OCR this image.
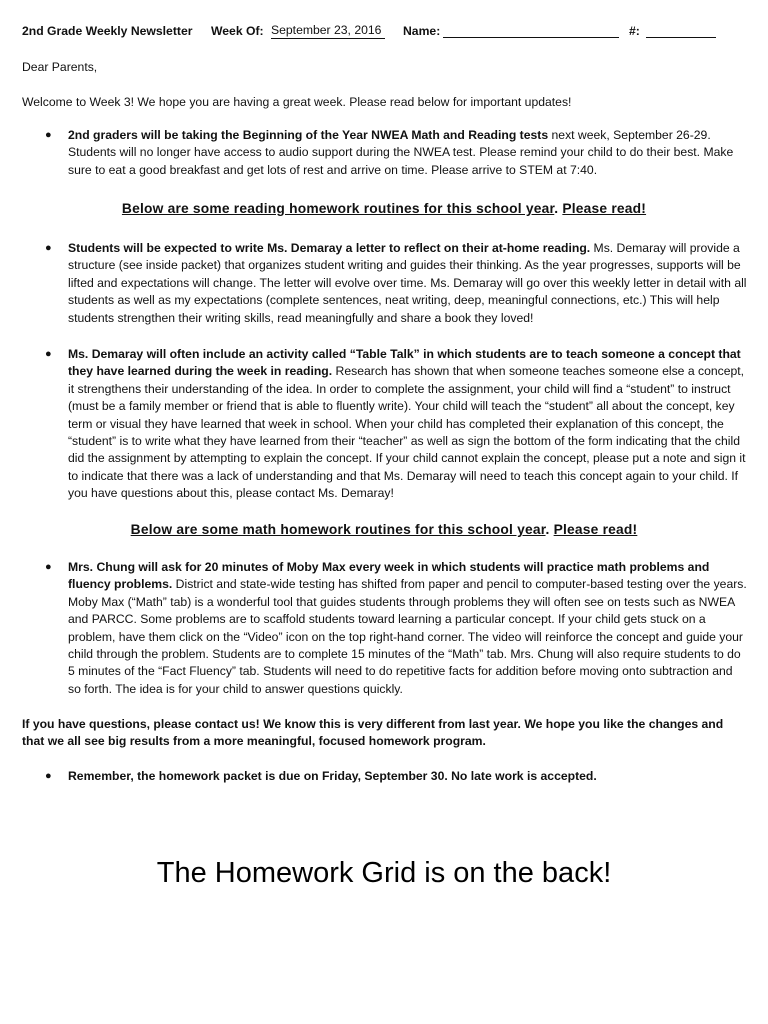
2nd Grade Weekly Newsletter Week Of: September 23, 2016	Name:	#:

Dear Parents,

Welcome to Week 3! We hope you are having a great week. Please read below for important updates!

● 2nd graders will be taking the Beginning of the Year NWEA Math and Reading tests next week, September 26-29. Students will no longer have access to audio support during the NWEA test. Please remind your child to do their best. Make sure to eat a good breakfast and get lots of rest and arrive on time. Please arrive to STEM at 7:40.
Below are some reading homework routines for this school year. Please read!
● Students will be expected to write Ms. Demaray a letter to reflect on their at-home reading. Ms. Demaray will provide a structure (see inside packet) that organizes student writing and guides their thinking. As the year progresses, supports will be lifted and expectations will change. The letter will evolve over time. Ms. Demaray will go over this weekly letter in detail with all students as well as my expectations (complete sentences, neat writing, deep, meaningful connections, etc.) This will help students strengthen their writing skills, read meaningfully and share a book they loved!
● Ms. Demaray will often include an activity called “Table Talk” in which students are to teach someone a concept that they have learned during the week in reading. Research has shown that when someone teaches someone else a concept, it strengthens their understanding of the idea. In order to complete the assignment, your child will find a “student” to instruct (must be a family member or friend that is able to fluently write). Your child will teach the “student” all about the concept, key term or visual they have learned that week in school. When your child has completed their explanation of this concept, the “student” is to write what they have learned from their “teacher” as well as sign the bottom of the form indicating that the child did the assignment by attempting to explain the concept. If your child cannot explain the concept, please put a note and sign it to indicate that there was a lack of understanding and that Ms. Demaray will need to teach this concept again to your child. If you have questions about this, please contact Ms. Demaray!
Below are some math homework routines for this school year. Please read!
● Mrs. Chung will ask for 20 minutes of Moby Max every week in which students will practice math problems and fluency problems. District and state-wide testing has shifted from paper and pencil to computer-based testing over the years. Moby Max (“Math” tab) is a wonderful tool that guides students through problems they will often see on tests such as NWEA and PARCC. Some problems are to scaffold students toward learning a particular concept. If your child gets stuck on a problem, have them click on the “Video” icon on the top right-hand corner. The video will reinforce the concept and guide your child through the problem. Students are to complete 15 minutes of the “Math” tab. Mrs. Chung will also require students to do 5 minutes of the “Fact Fluency” tab. Students will need to do repetitive facts for addition before moving onto subtraction and so forth. The idea is for your child to answer questions quickly.

If you have questions, please contact us! We know this is very different from last year. We hope you like the changes and that we all see big results from a more meaningful, focused homework program.

● Remember, the homework packet is due on Friday, September 30. No late work is accepted.
The Homework Grid is on the back!
